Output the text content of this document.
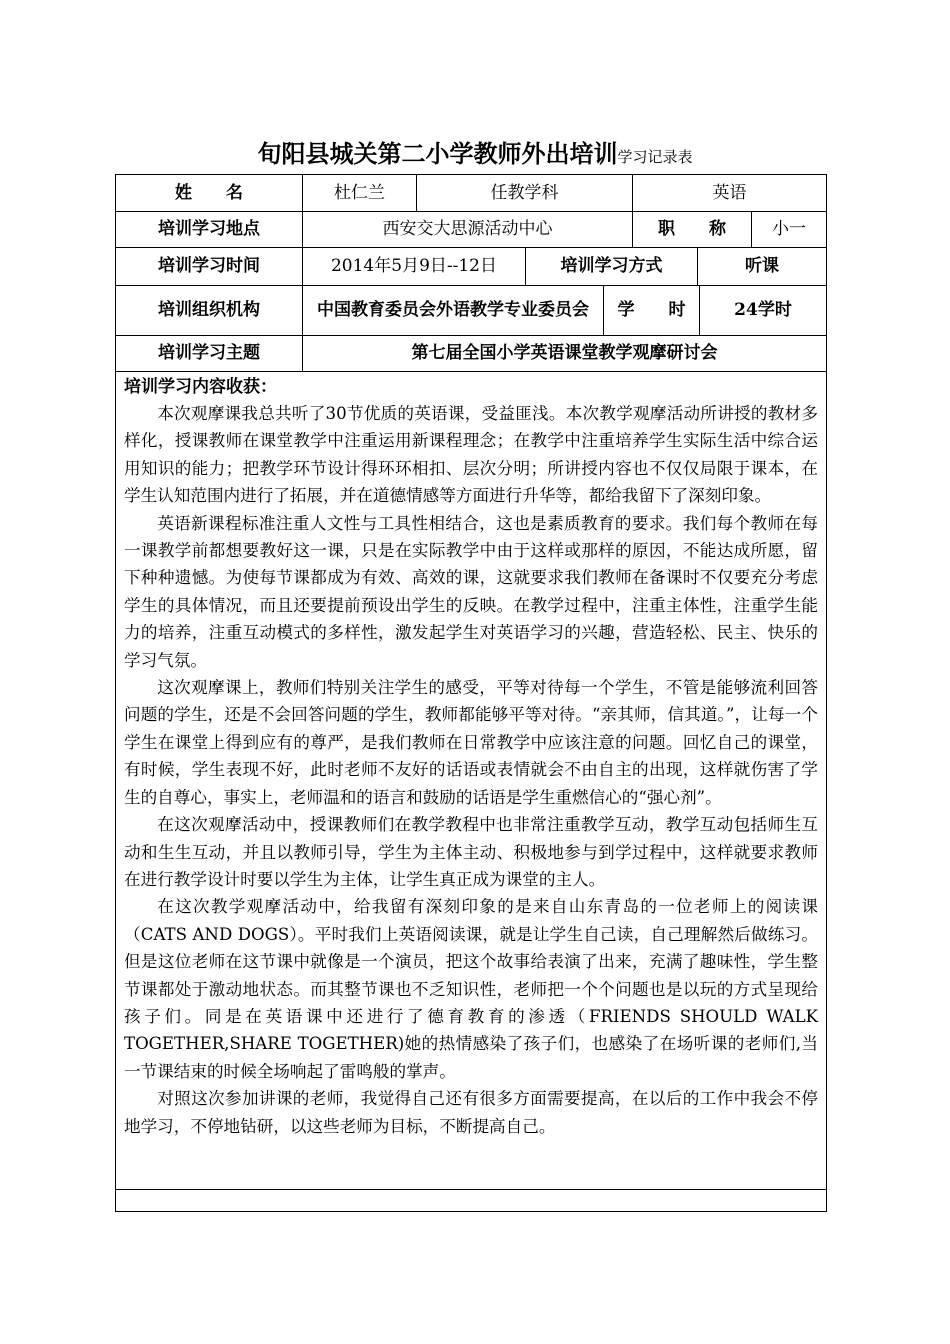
旬阳县城关第二小学教师外出培训学习记录表
姓　　名	杜仁兰	任教学科	英语
培训学习地点	西安交大思源活动中心	职　　称	小一
培训学习时间	2014年5月9日--12日	培训学习方式	听课
培训组织机构	中国教育委员会外语教学专业委员会	学　　时	24学时
培训学习主题	第七届全国小学英语课堂教学观摩研讨会
培训学习内容收获：

本次观摩课我总共听了30节优质的英语课，受益匪浅。本次教学观摩活动所讲授的教材多样化，授课教师在课堂教学中注重运用新课程理念；在教学中注重培养学生实际生活中综合运用知识的能力；把教学环节设计得环环相扣、层次分明；所讲授内容也不仅仅局限于课本，在学生认知范围内进行了拓展，并在道德情感等方面进行升华等，都给我留下了深刻印象。

英语新课程标准注重人文性与工具性相结合，这也是素质教育的要求。我们每个教师在每一课教学前都想要教好这一课，只是在实际教学中由于这样或那样的原因，不能达成所愿，留下种种遗憾。为使每节课都成为有效、高效的课，这就要求我们教师在备课时不仅要充分考虑学生的具体情况，而且还要提前预设出学生的反映。在教学过程中，注重主体性，注重学生能力的培养，注重互动模式的多样性，激发起学生对英语学习的兴趣，营造轻松、民主、快乐的学习气氛。

这次观摩课上，教师们特别关注学生的感受，平等对待每一个学生，不管是能够流利回答问题的学生，还是不会回答问题的学生，教师都能够平等对待。“亲其师，信其道。”，让每一个学生在课堂上得到应有的尊严，是我们教师在日常教学中应该注意的问题。回忆自己的课堂，有时候，学生表现不好，此时老师不友好的话语或表情就会不由自主的出现，这样就伤害了学生的自尊心，事实上，老师温和的语言和鼓励的话语是学生重燃信心的“强心剂”。

在这次观摩活动中，授课教师们在教学教程中也非常注重教学互动，教学互动包括师生互动和生生互动，并且以教师引导，学生为主体主动、积极地参与到学过程中，这样就要求教师在进行教学设计时要以学生为主体，让学生真正成为课堂的主人。

在这次教学观摩活动中，给我留有深刻印象的是来自山东青岛的一位老师上的阅读课（CATS AND DOGS）。平时我们上英语阅读课，就是让学生自己读，自己理解然后做练习。但是这位老师在这节课中就像是一个演员，把这个故事给表演了出来，充满了趣味性，学生整节课都处于激动地状态。而其整节课也不乏知识性，老师把一个个问题也是以玩的方式呈现给孩子们。同是在英语课中还进行了德育教育的渗透（FRIENDS SHOULD WALK TOGETHER,SHARE TOGETHER)她的热情感染了孩子们，也感染了在场听课的老师们,当一节课结束的时候全场响起了雷鸣般的掌声。

对照这次参加讲课的老师，我觉得自己还有很多方面需要提高，在以后的工作中我会不停地学习，不停地钻研，以这些老师为目标，不断提高自己。
